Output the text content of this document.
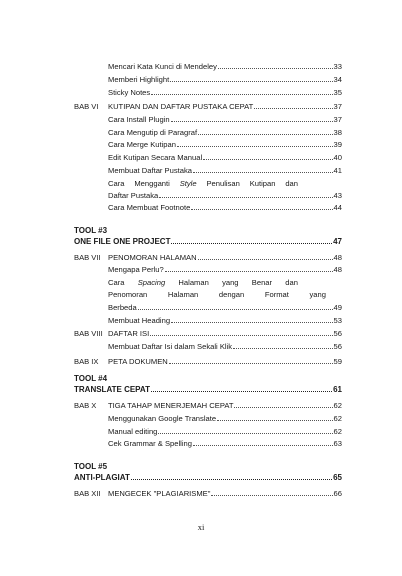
Mencari Kata Kunci di Mendeley	33
Memberi Highlight	34
Sticky Notes	35
BAB VI	KUTIPAN DAN DAFTAR PUSTAKA CEPAT	37
Cara Install Plugin	37
Cara Mengutip di Paragraf	38
Cara Merge Kutipan	39
Edit Kutipan Secara Manual	40
Membuat Daftar Pustaka	41
Cara Mengganti Style Penulisan Kutipan dan
Daftar Pustaka	43
Cara Membuat Footnote	44
TOOL #3
ONE FILE ONE PROJECT	47
BAB VII PENOMORAN HALAMAN	48
Mengapa Perlu?	48
Cara Spacing Halaman yang Benar dan
Penomoran	Halaman	dengan	Format	yang
Berbeda	49
Membuat Heading	53
BAB VIII DAFTAR ISI	56
Membuat Daftar Isi dalam Sekali Klik	56
BAB IX	PETA DOKUMEN	59
TOOL #4
TRANSLATE CEPAT	61
BAB X	TIGA TAHAP MENERJEMAH CEPAT	62
Menggunakan Google Translate	62
Manual editing	62
Cek Grammar & Spelling	63
TOOL #5
ANTI-PLAGIAT	65
BAB XII MENGECEK "PLAGIARISME"	66
xi
